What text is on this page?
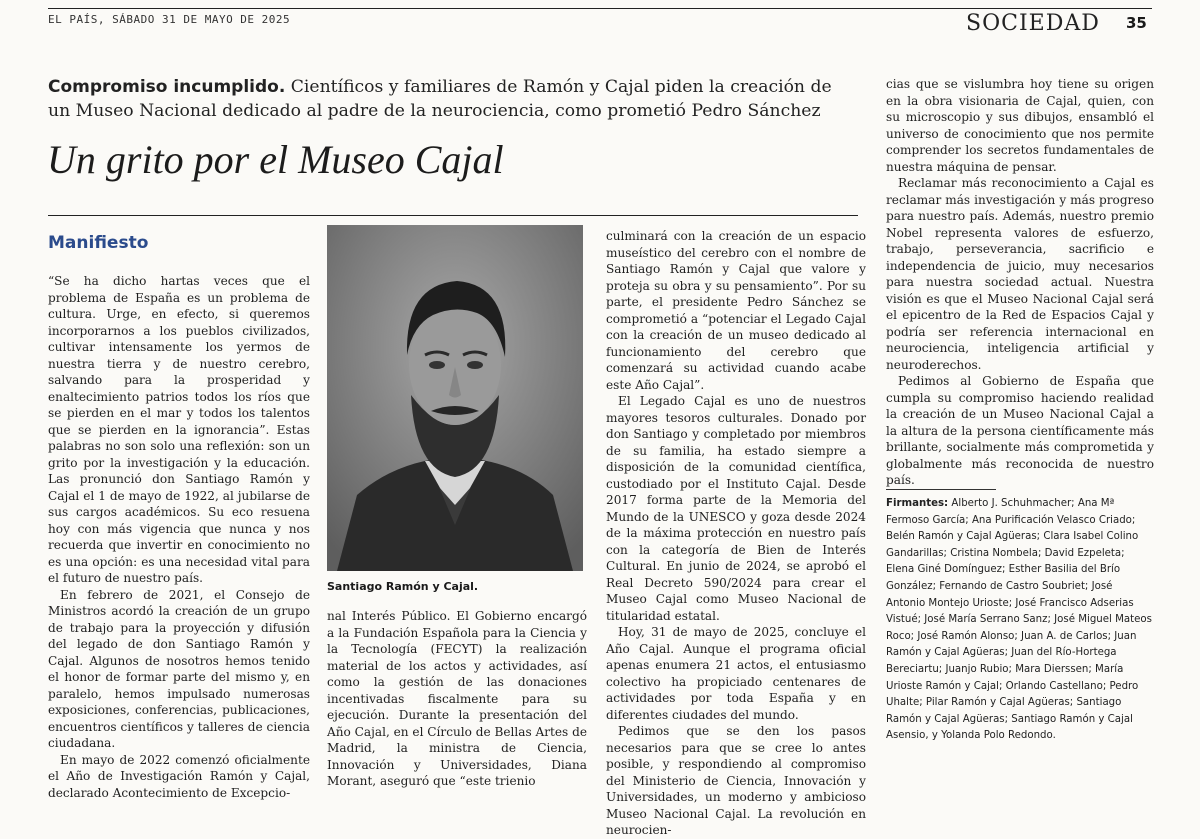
EL PAÍS, SÁBADO 31 DE MAYO DE 2025	SOCIEDAD 35
Compromiso incumplido. Científicos y familiares de Ramón y Cajal piden la creación de un Museo Nacional dedicado al padre de la neurociencia, como prometió Pedro Sánchez
Un grito por el Museo Cajal
Manifiesto

“Se ha dicho hartas veces que el problema de España es un problema de cultura. Urge, en efecto, si queremos incorporarnos a los pueblos civilizados, cultivar intensamente los yermos de nuestra tierra y de nuestro cerebro, salvando para la prosperidad y enaltecimiento patrios todos los ríos que se pierden en el mar y todos los talentos que se pierden en la ignorancia”. Estas palabras no son solo una reflexión: son un grito por la investigación y la educación. Las pronunció don Santiago Ramón y Cajal el 1 de mayo de 1922, al jubilarse de sus cargos académicos. Su eco resuena hoy con más vigencia que nunca y nos recuerda que invertir en conocimiento no es una opción: es una necesidad vital para el futuro de nuestro país.

En febrero de 2021, el Consejo de Ministros acordó la creación de un grupo de trabajo para la proyección y difusión del legado de don Santiago Ramón y Cajal. Algunos de nosotros hemos tenido el honor de formar parte del mismo y, en paralelo, hemos impulsado numerosas exposiciones, conferencias, publicaciones, encuentros científicos y talleres de ciencia ciudadana.

En mayo de 2022 comenzó oficialmente el Año de Investigación Ramón y Cajal, declarado Acontecimiento de Excepcio-

Santiago Ramón y Cajal.

nal Interés Público. El Gobierno encargó a la Fundación Española para la Ciencia y la Tecnología (FECYT) la realización material de los actos y actividades, así como la gestión de las donaciones incentivadas fiscalmente para su ejecución. Durante la presentación del Año Cajal, en el Círculo de Bellas Artes de Madrid, la ministra de Ciencia, Innovación y Universidades, Diana Morant, aseguró que “este trienio

culminará con la creación de un espacio museístico del cerebro con el nombre de Santiago Ramón y Cajal que valore y proteja su obra y su pensamiento”. Por su parte, el presidente Pedro Sánchez se comprometió a “potenciar el Legado Cajal con la creación de un museo dedicado al funcionamiento del cerebro que comenzará su actividad cuando acabe este Año Cajal”.

El Legado Cajal es uno de nuestros mayores tesoros culturales. Donado por don Santiago y completado por miembros de su familia, ha estado siempre a disposición de la comunidad científica, custodiado por el Instituto Cajal. Desde 2017 forma parte de la Memoria del Mundo de la UNESCO y goza desde 2024 de la máxima protección en nuestro país con la categoría de Bien de Interés Cultural. En junio de 2024, se aprobó el Real Decreto 590/2024 para crear el Museo Cajal como Museo Nacional de titularidad estatal.

Hoy, 31 de mayo de 2025, concluye el Año Cajal. Aunque el programa oficial apenas enumera 21 actos, el entusiasmo colectivo ha propiciado centenares de actividades por toda España y en diferentes ciudades del mundo.

Pedimos que se den los pasos necesarios para que se cree lo antes posible, y respondiendo al compromiso del Ministerio de Ciencia, Innovación y Universidades, un moderno y ambicioso Museo Nacional Cajal. La revolución en neurocien-

cias que se vislumbra hoy tiene su origen en la obra visionaria de Cajal, quien, con su microscopio y sus dibujos, ensambló el universo de conocimiento que nos permite comprender los secretos fundamentales de nuestra máquina de pensar.

Reclamar más reconocimiento a Cajal es reclamar más investigación y más progreso para nuestro país. Además, nuestro premio Nobel representa valores de esfuerzo, trabajo, perseverancia, sacrificio e independencia de juicio, muy necesarios para nuestra sociedad actual. Nuestra visión es que el Museo Nacional Cajal será el epicentro de la Red de Espacios Cajal y podría ser referencia internacional en neurociencia, inteligencia artificial y neuroderechos.

Pedimos al Gobierno de España que cumpla su compromiso haciendo realidad la creación de un Museo Nacional Cajal a la altura de la persona científicamente más brillante, socialmente más comprometida y globalmente más reconocida de nuestro país.

Firmantes: Alberto J. Schuhmacher; Ana Mª Fermoso García; Ana Purificación Velasco Criado; Belén Ramón y Cajal Agüeras; Clara Isabel Colino Gandarillas; Cristina Nombela; David Ezpeleta; Elena Giné Domínguez; Esther Basilia del Brío González; Fernando de Castro Soubriet; José Antonio Montejo Urioste; José Francisco Adserias Vistué; José María Serrano Sanz; José Miguel Mateos Roco; José Ramón Alonso; Juan A. de Carlos; Juan Ramón y Cajal Agüeras; Juan del Río-Hortega Bereciartu; Juanjo Rubio; Mara Dierssen; María Urioste Ramón y Cajal; Orlando Castellano; Pedro Uhalte; Pilar Ramón y Cajal Agüeras; Santiago Ramón y Cajal Agüeras; Santiago Ramón y Cajal Asensio, y Yolanda Polo Redondo.
